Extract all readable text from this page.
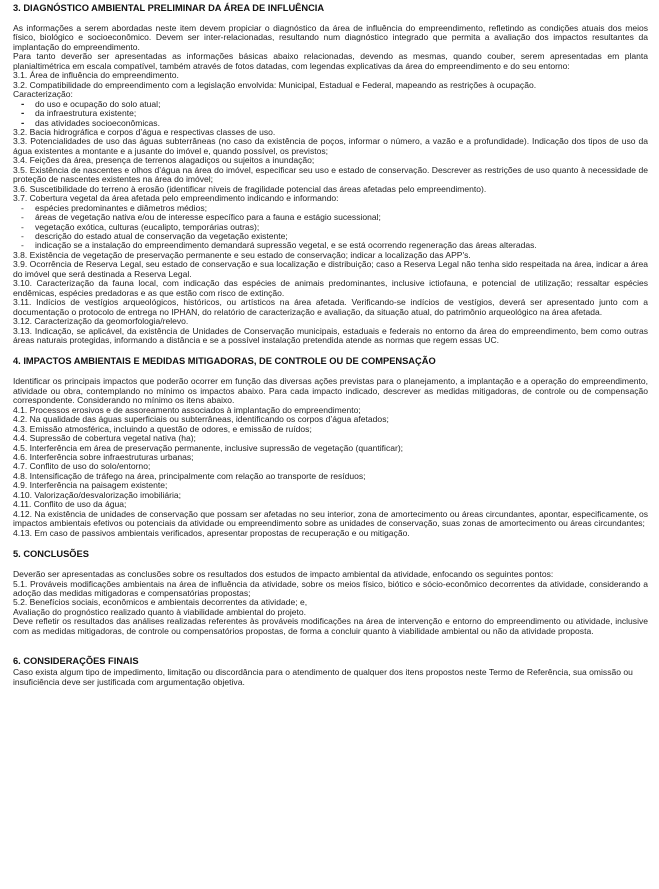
3. DIAGNÓSTICO AMBIENTAL PRELIMINAR DA ÁREA DE INFLUÊNCIA

As informações a serem abordadas neste item devem propiciar o diagnóstico da área de influência do empreendimento, refletindo as condições atuais dos meios físico, biológico e socioeconômico. Devem ser inter-relacionadas, resultando num diagnóstico integrado que permita a avaliação dos impactos resultantes da implantação do empreendimento.

Para tanto deverão ser apresentadas as informações básicas abaixo relacionadas, devendo as mesmas, quando couber, serem apresentadas em planta planialtimétrica em escala compatível, também através de fotos datadas, com legendas explicativas da área do empreendimento e do seu entorno:

3.1. Área de influência do empreendimento.

3.2. Compatibilidade do empreendimento com a legislação envolvida: Municipal, Estadual e Federal, mapeando as restrições à ocupação.

Caracterização:

- do uso e ocupação do solo atual;
- da infraestrutura existente;
- das atividades socioeconômicas.

3.2. Bacia hidrográfica e corpos d’água e respectivas classes de uso.

3.3. Potencialidades de uso das águas subterrâneas (no caso da existência de poços, informar o número, a vazão e a profundidade). Indicação dos tipos de uso da água existentes a montante e a jusante do imóvel e, quando possível, os previstos;

3.4. Feições da área, presença de terrenos alagadiços ou sujeitos a inundação;

3.5. Existência de nascentes e olhos d’água na área do imóvel, especificar seu uso e estado de conservação. Descrever as restrições de uso quanto à necessidade de proteção de nascentes existentes na área do imóvel;

3.6. Suscetibilidade do terreno à erosão (identificar níveis de fragilidade potencial das áreas afetadas pelo empreendimento).

3.7. Cobertura vegetal da área afetada pelo empreendimento indicando e informando:

- espécies predominantes e diâmetros médios;
- áreas de vegetação nativa e/ou de interesse específico para a fauna e estágio sucessional;
- vegetação exótica, culturas (eucalipto, temporárias outras);
- descrição do estado atual de conservação da vegetação existente;
- indicação se a instalação do empreendimento demandará supressão vegetal, e se está ocorrendo regeneração das áreas alteradas.

3.8. Existência de vegetação de preservação permanente e seu estado de conservação; indicar a localização das APP's.

3.9. Ocorrência de Reserva Legal, seu estado de conservação e sua localização e distribuição; caso a Reserva Legal não tenha sido respeitada na área, indicar a área do imóvel que será destinada a Reserva Legal.

3.10. Caracterização da fauna local, com indicação das espécies de animais predominantes, inclusive ictiofauna, e potencial de utilização; ressaltar espécies endêmicas, espécies predadoras e as que estão com risco de extinção.

3.11. Indícios de vestígios arqueológicos, históricos, ou artísticos na área afetada. Verificando-se indícios de vestígios, deverá ser apresentado junto com a documentação o protocolo de entrega no IPHAN, do relatório de caracterização e avaliação, da situação atual, do patrimônio arqueológico na área afetada.

3.12. Caracterização da geomorfologia/relevo.

3.13. Indicação, se aplicável, da existência de Unidades de Conservação municipais, estaduais e federais no entorno da área do empreendimento, bem como outras áreas naturais protegidas, informando a distância e se a possível instalação pretendida atende as normas que regem essas UC.

4. IMPACTOS AMBIENTAIS E MEDIDAS MITIGADORAS, DE CONTROLE OU DE COMPENSAÇÃO

Identificar os principais impactos que poderão ocorrer em função das diversas ações previstas para o planejamento, a implantação e a operação do empreendimento, atividade ou obra, contemplando no mínimo os impactos abaixo. Para cada impacto indicado, descrever as medidas mitigadoras, de controle ou de compensação correspondente. Considerando no mínimo os itens abaixo.

4.1. Processos erosivos e de assoreamento associados à implantação do empreendimento;

4.2. Na qualidade das águas superficiais ou subterrâneas, identificando os corpos d’água afetados;

4.3. Emissão atmosférica, incluindo a questão de odores, e emissão de ruídos;

4.4. Supressão de cobertura vegetal nativa (ha);

4.5. Interferência em área de preservação permanente, inclusive supressão de vegetação (quantificar);

4.6. Interferência sobre infraestruturas urbanas;

4.7. Conflito de uso do solo/entorno;

4.8. Intensificação de tráfego na área, principalmente com relação ao transporte de resíduos;

4.9. Interferência na paisagem existente;

4.10. Valorização/desvalorização imobiliária;

4.11. Conflito de uso da água;

4.12. Na existência de unidades de conservação que possam ser afetadas no seu interior, zona de amortecimento ou áreas circundantes, apontar, especificamente, os impactos ambientais efetivos ou potenciais da atividade ou empreendimento sobre as unidades de conservação, suas zonas de amortecimento ou áreas circundantes;

4.13. Em caso de passivos ambientais verificados, apresentar propostas de recuperação e ou mitigação.

5. CONCLUSÕES

Deverão ser apresentadas as conclusões sobre os resultados dos estudos de impacto ambiental da atividade, enfocando os seguintes pontos:

5.1. Prováveis modificações ambientais na área de influência da atividade, sobre os meios físico, biótico e sócio-econômico decorrentes da atividade, considerando a adoção das medidas mitigadoras e compensatórias propostas;

5.2. Benefícios sociais, econômicos e ambientais decorrentes da atividade; e,

Avaliação do prognóstico realizado quanto à viabilidade ambiental do projeto.

Deve refletir os resultados das análises realizadas referentes às prováveis modificações na área de intervenção e entorno do empreendimento ou atividade, inclusive com as medidas mitigadoras, de controle ou compensatórios propostas, de forma a concluir quanto à viabilidade ambiental ou não da atividade proposta.

6. CONSIDERAÇÕES FINAIS

Caso exista algum tipo de impedimento, limitação ou discordância para o atendimento de qualquer dos itens propostos neste Termo de Referência, sua omissão ou insuficiência deve ser justificada com argumentação objetiva.
